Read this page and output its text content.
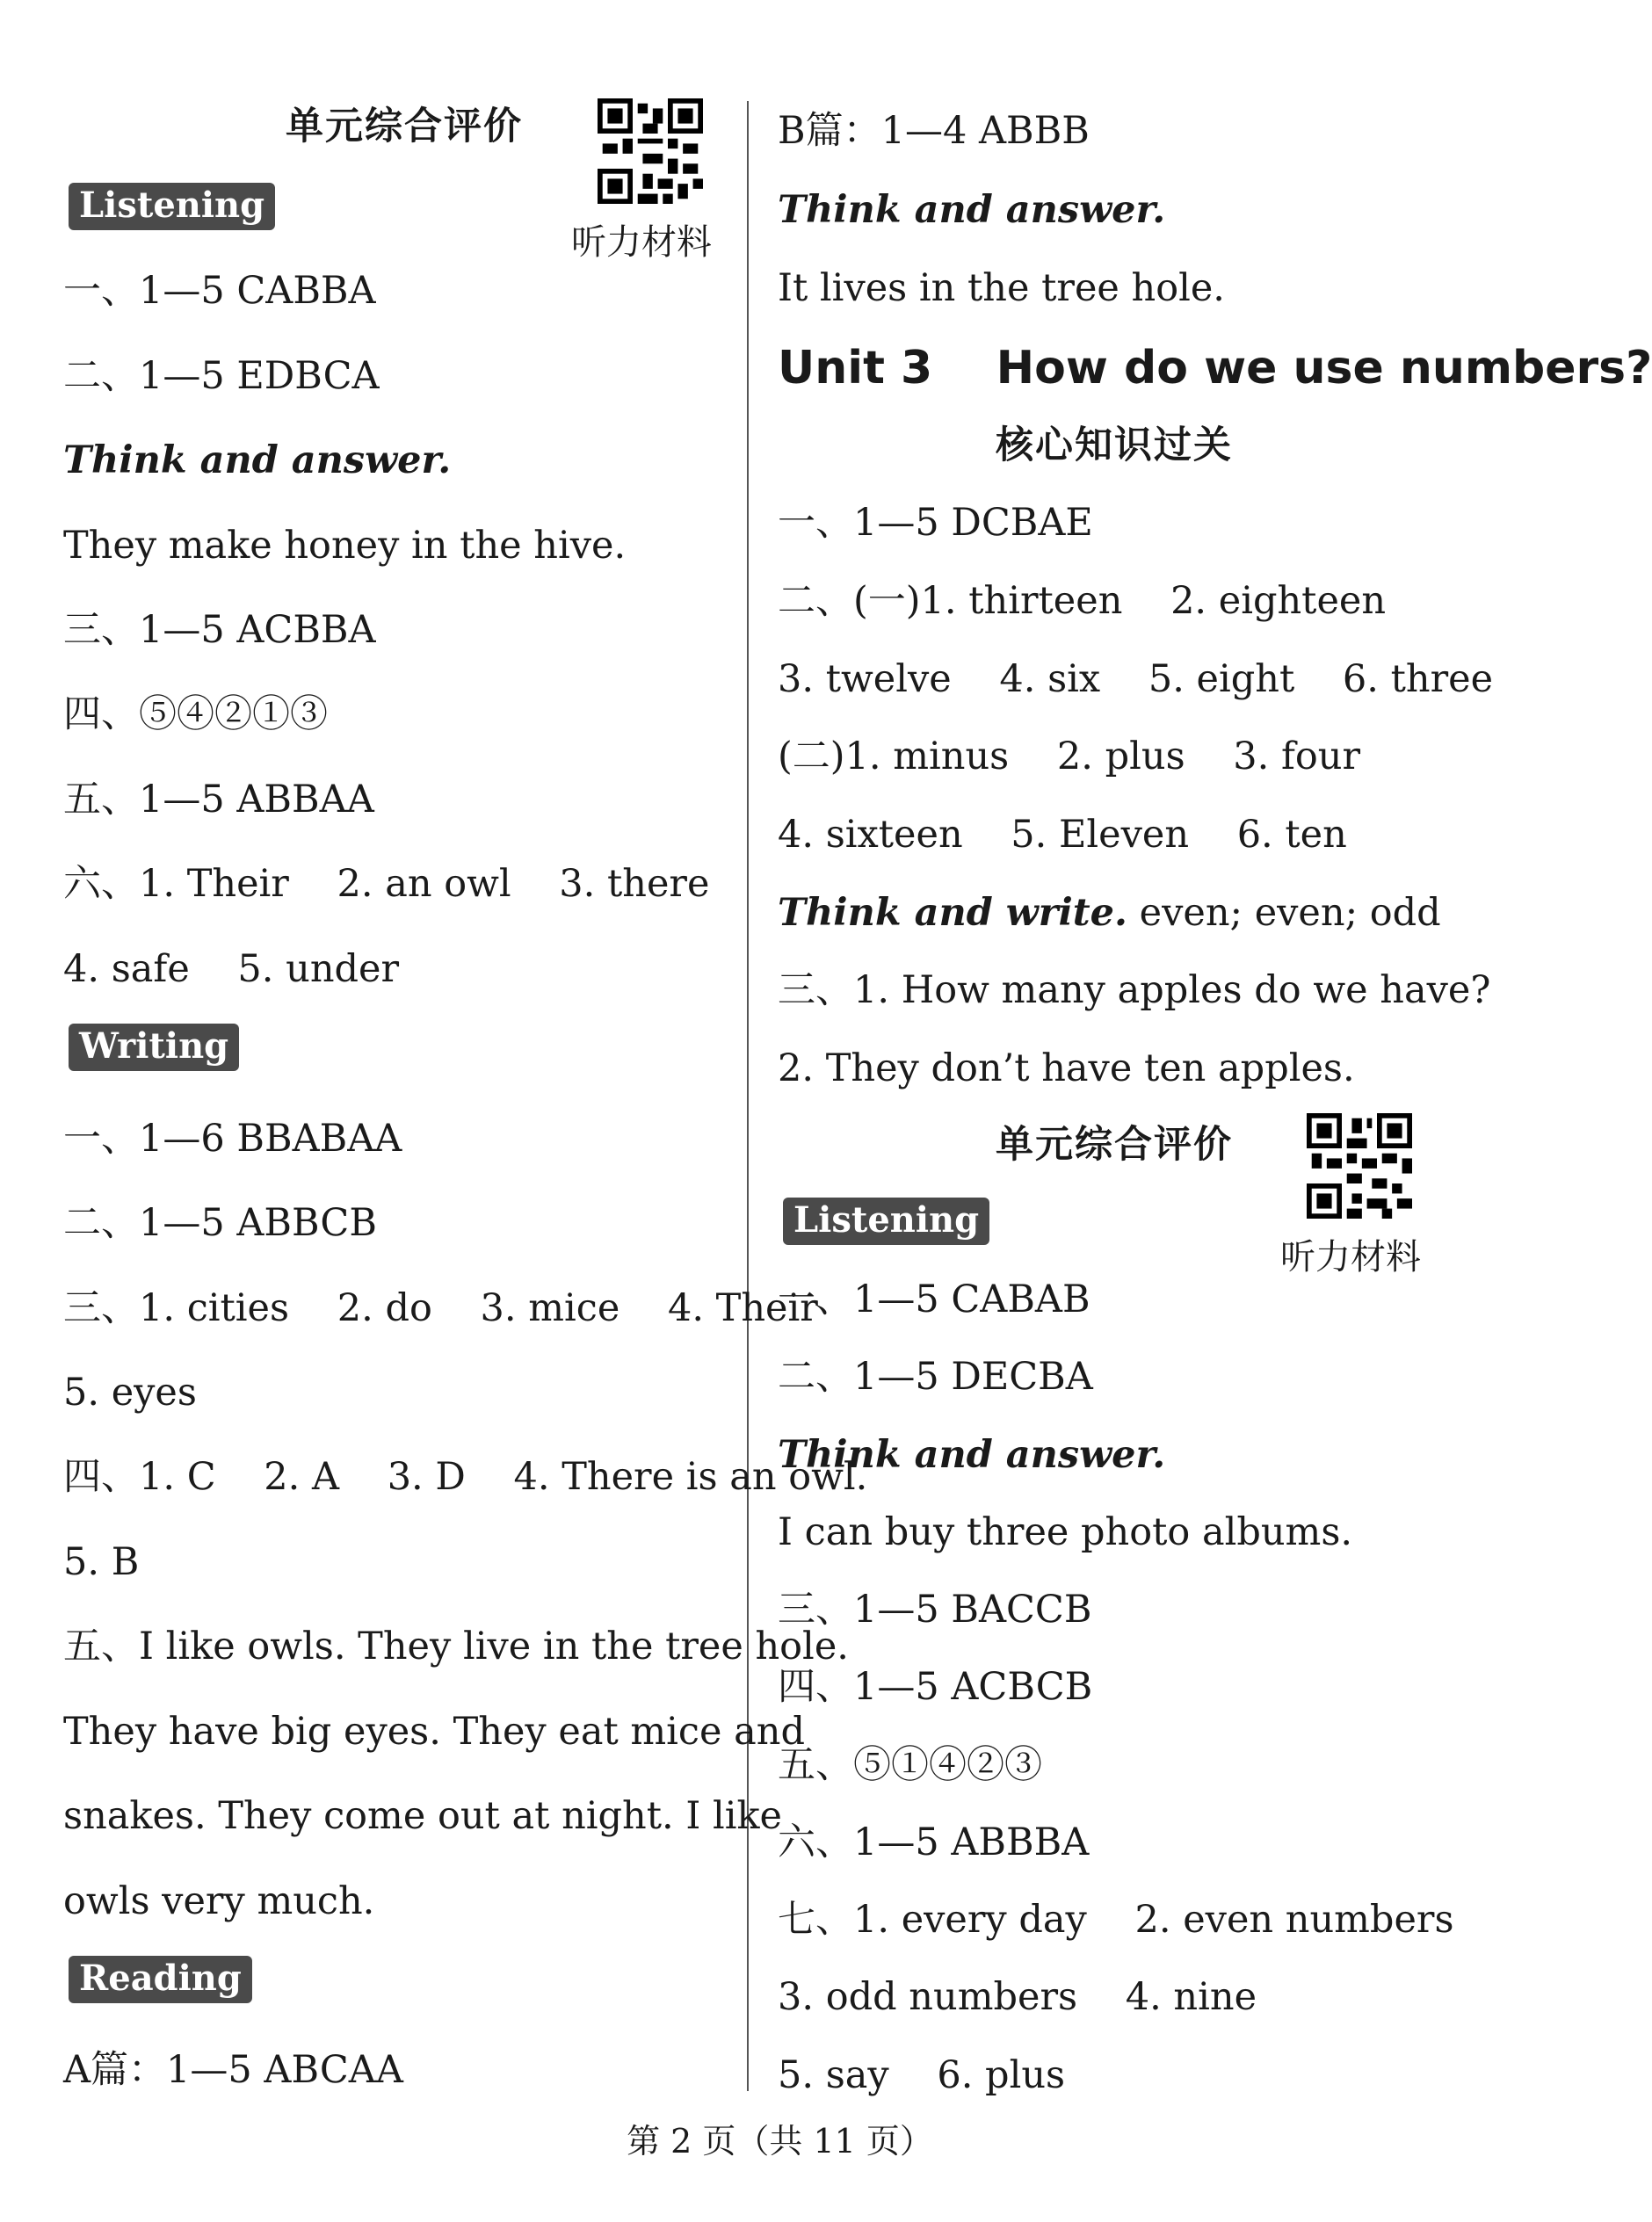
单元综合评价
听力材料
Listening
一、1—5 CABBA
二、1—5 EDBCA
Think and answer.
They make honey in the hive.
三、1—5 ACBBA
四、⑤④②①③
五、1—5 ABBAA
六、1. Their    2. an owl    3. there
4. safe    5. under
Writing
一、1—6 BBABAA
二、1—5 ABBCB
三、1. cities    2. do    3. mice    4. Their
5. eyes
四、1. C    2. A    3. D    4. There is an owl.
5. B
五、I like owls. They live in the tree hole.
They have big eyes. They eat mice and
snakes. They come out at night. I like
owls very much.
Reading
A篇：1—5 ABCAA
B篇：1—4 ABBB
Think and answer.
It lives in the tree hole.
Unit 3    How do we use numbers?
核心知识过关
一、1—5 DCBAE
二、(一)1. thirteen    2. eighteen
3. twelve    4. six    5. eight    6. three
(二)1. minus    2. plus    3. four
4. sixteen    5. Eleven    6. ten
Think and write. even; even; odd
三、1. How many apples do we have?
2. They don’t have ten apples.
单元综合评价
听力材料
Listening
一、1—5 CABAB
二、1—5 DECBA
Think and answer.
I can buy three photo albums.
三、1—5 BACCB
四、1—5 ACBCB
五、⑤①④②③
六、1—5 ABBBA
七、1. every day    2. even numbers
3. odd numbers    4. nine
5. say    6. plus
第 2 页（共 11 页）
